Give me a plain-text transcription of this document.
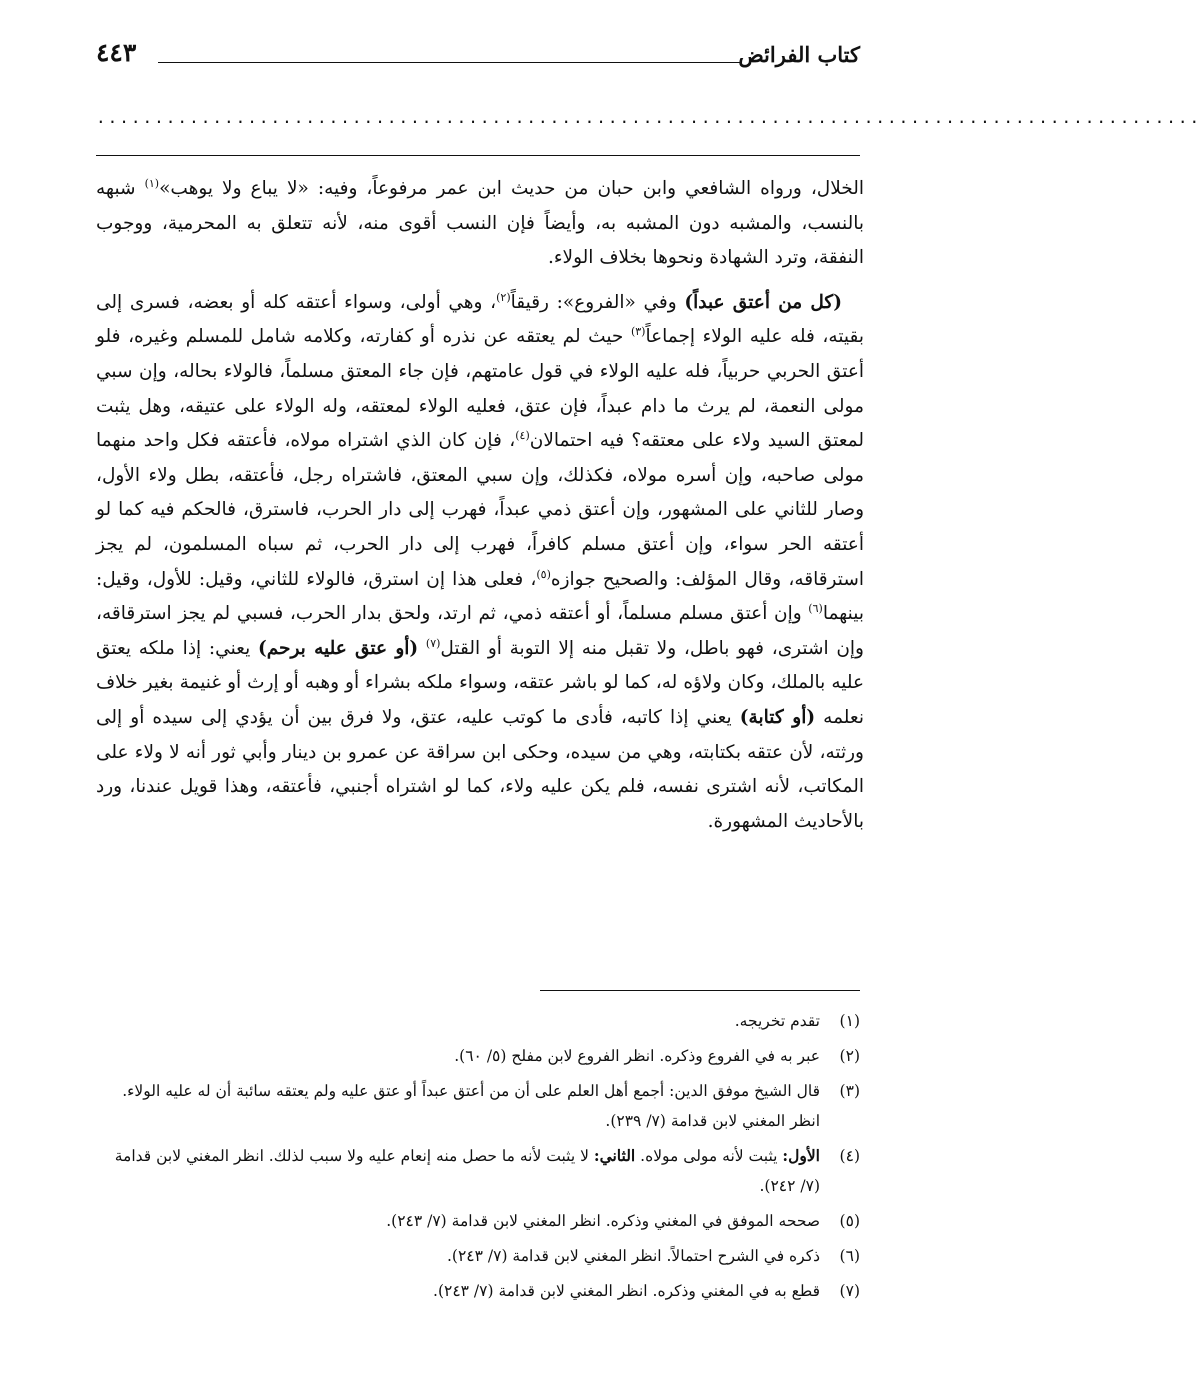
كتاب الفرائض
٤٤٣
...............................................................................................

الخلال، ورواه الشافعي وابن حبان من حديث ابن عمر مرفوعاً، وفيه: «لا يباع ولا يوهب»$^{(١)}$ شبهه بالنسب، والمشبه دون المشبه به، وأيضاً فإن النسب أقوى منه، لأنه تتعلق به المحرمية، ووجوب النفقة، وترد الشهادة ونحوها بخلاف الولاء.

(كل من أعتق عبداً) وفي «الفروع»: رقيقاً$^{(٢)}$، وهي أولى، وسواء أعتقه كله أو بعضه، فسرى إلى بقيته، فله عليه الولاء إجماعاً$^{(٣)}$ حيث لم يعتقه عن نذره أو كفارته، وكلامه شامل للمسلم وغيره، فلو أعتق الحربي حربياً، فله عليه الولاء في قول عامتهم، فإن جاء المعتق مسلماً، فالولاء بحاله، وإن سبي مولى النعمة، لم يرث ما دام عبداً، فإن عتق، فعليه الولاء لمعتقه، وله الولاء على عتيقه، وهل يثبت لمعتق السيد ولاء على معتقه؟ فيه احتمالان$^{(٤)}$، فإن كان الذي اشتراه مولاه، فأعتقه فكل واحد منهما مولى صاحبه، وإن أسره مولاه، فكذلك، وإن سبي المعتق، فاشتراه رجل، فأعتقه، بطل ولاء الأول، وصار للثاني على المشهور، وإن أعتق ذمي عبداً، فهرب إلى دار الحرب، فاسترق، فالحكم فيه كما لو أعتقه الحر سواء، وإن أعتق مسلم كافراً، فهرب إلى دار الحرب، ثم سباه المسلمون، لم يجز استرقاقه، وقال المؤلف: والصحيح جوازه$^{(٥)}$، فعلى هذا إن استرق، فالولاء للثاني، وقيل: للأول، وقيل: بينهما$^{(٦)}$ وإن أعتق مسلم مسلماً، أو أعتقه ذمي، ثم ارتد، ولحق بدار الحرب، فسبي لم يجز استرقاقه، وإن اشترى، فهو باطل، ولا تقبل منه إلا التوبة أو القتل$^{(٧)}$ (أو عتق عليه برحم) يعني: إذا ملكه يعتق عليه بالملك، وكان ولاؤه له، كما لو باشر عتقه، وسواء ملكه بشراء أو وهبه أو إرث أو غنيمة بغير خلاف نعلمه (أو كتابة) يعني إذا كاتبه، فأدى ما كوتب عليه، عتق، ولا فرق بين أن يؤدي إلى سيده أو إلى ورثته، لأن عتقه بكتابته، وهي من سيده، وحكى ابن سراقة عن عمرو بن دينار وأبي ثور أنه لا ولاء على المكاتب، لأنه اشترى نفسه، فلم يكن عليه ولاء، كما لو اشتراه أجنبي، فأعتقه، وهذا قويل عندنا، ورد بالأحاديث المشهورة.

(١)
تقدم تخريجه.
(٢)
عبر به في الفروع وذكره. انظر الفروع لابن مفلح (٥/ ٦٠).
(٣)
قال الشيخ موفق الدين: أجمع أهل العلم على أن من أعتق عبداً أو عتق عليه ولم يعتقه سائبة أن له عليه الولاء. انظر المغني لابن قدامة (٧/ ٢٣٩).
(٤)
الأول: يثبت لأنه مولى مولاه. الثاني: لا يثبت لأنه ما حصل منه إنعام عليه ولا سبب لذلك. انظر المغني لابن قدامة (٧/ ٢٤٢).
(٥)
صححه الموفق في المغني وذكره. انظر المغني لابن قدامة (٧/ ٢٤٣).
(٦)
ذكره في الشرح احتمالاً. انظر المغني لابن قدامة (٧/ ٢٤٣).
(٧)
قطع به في المغني وذكره. انظر المغني لابن قدامة (٧/ ٢٤٣).
